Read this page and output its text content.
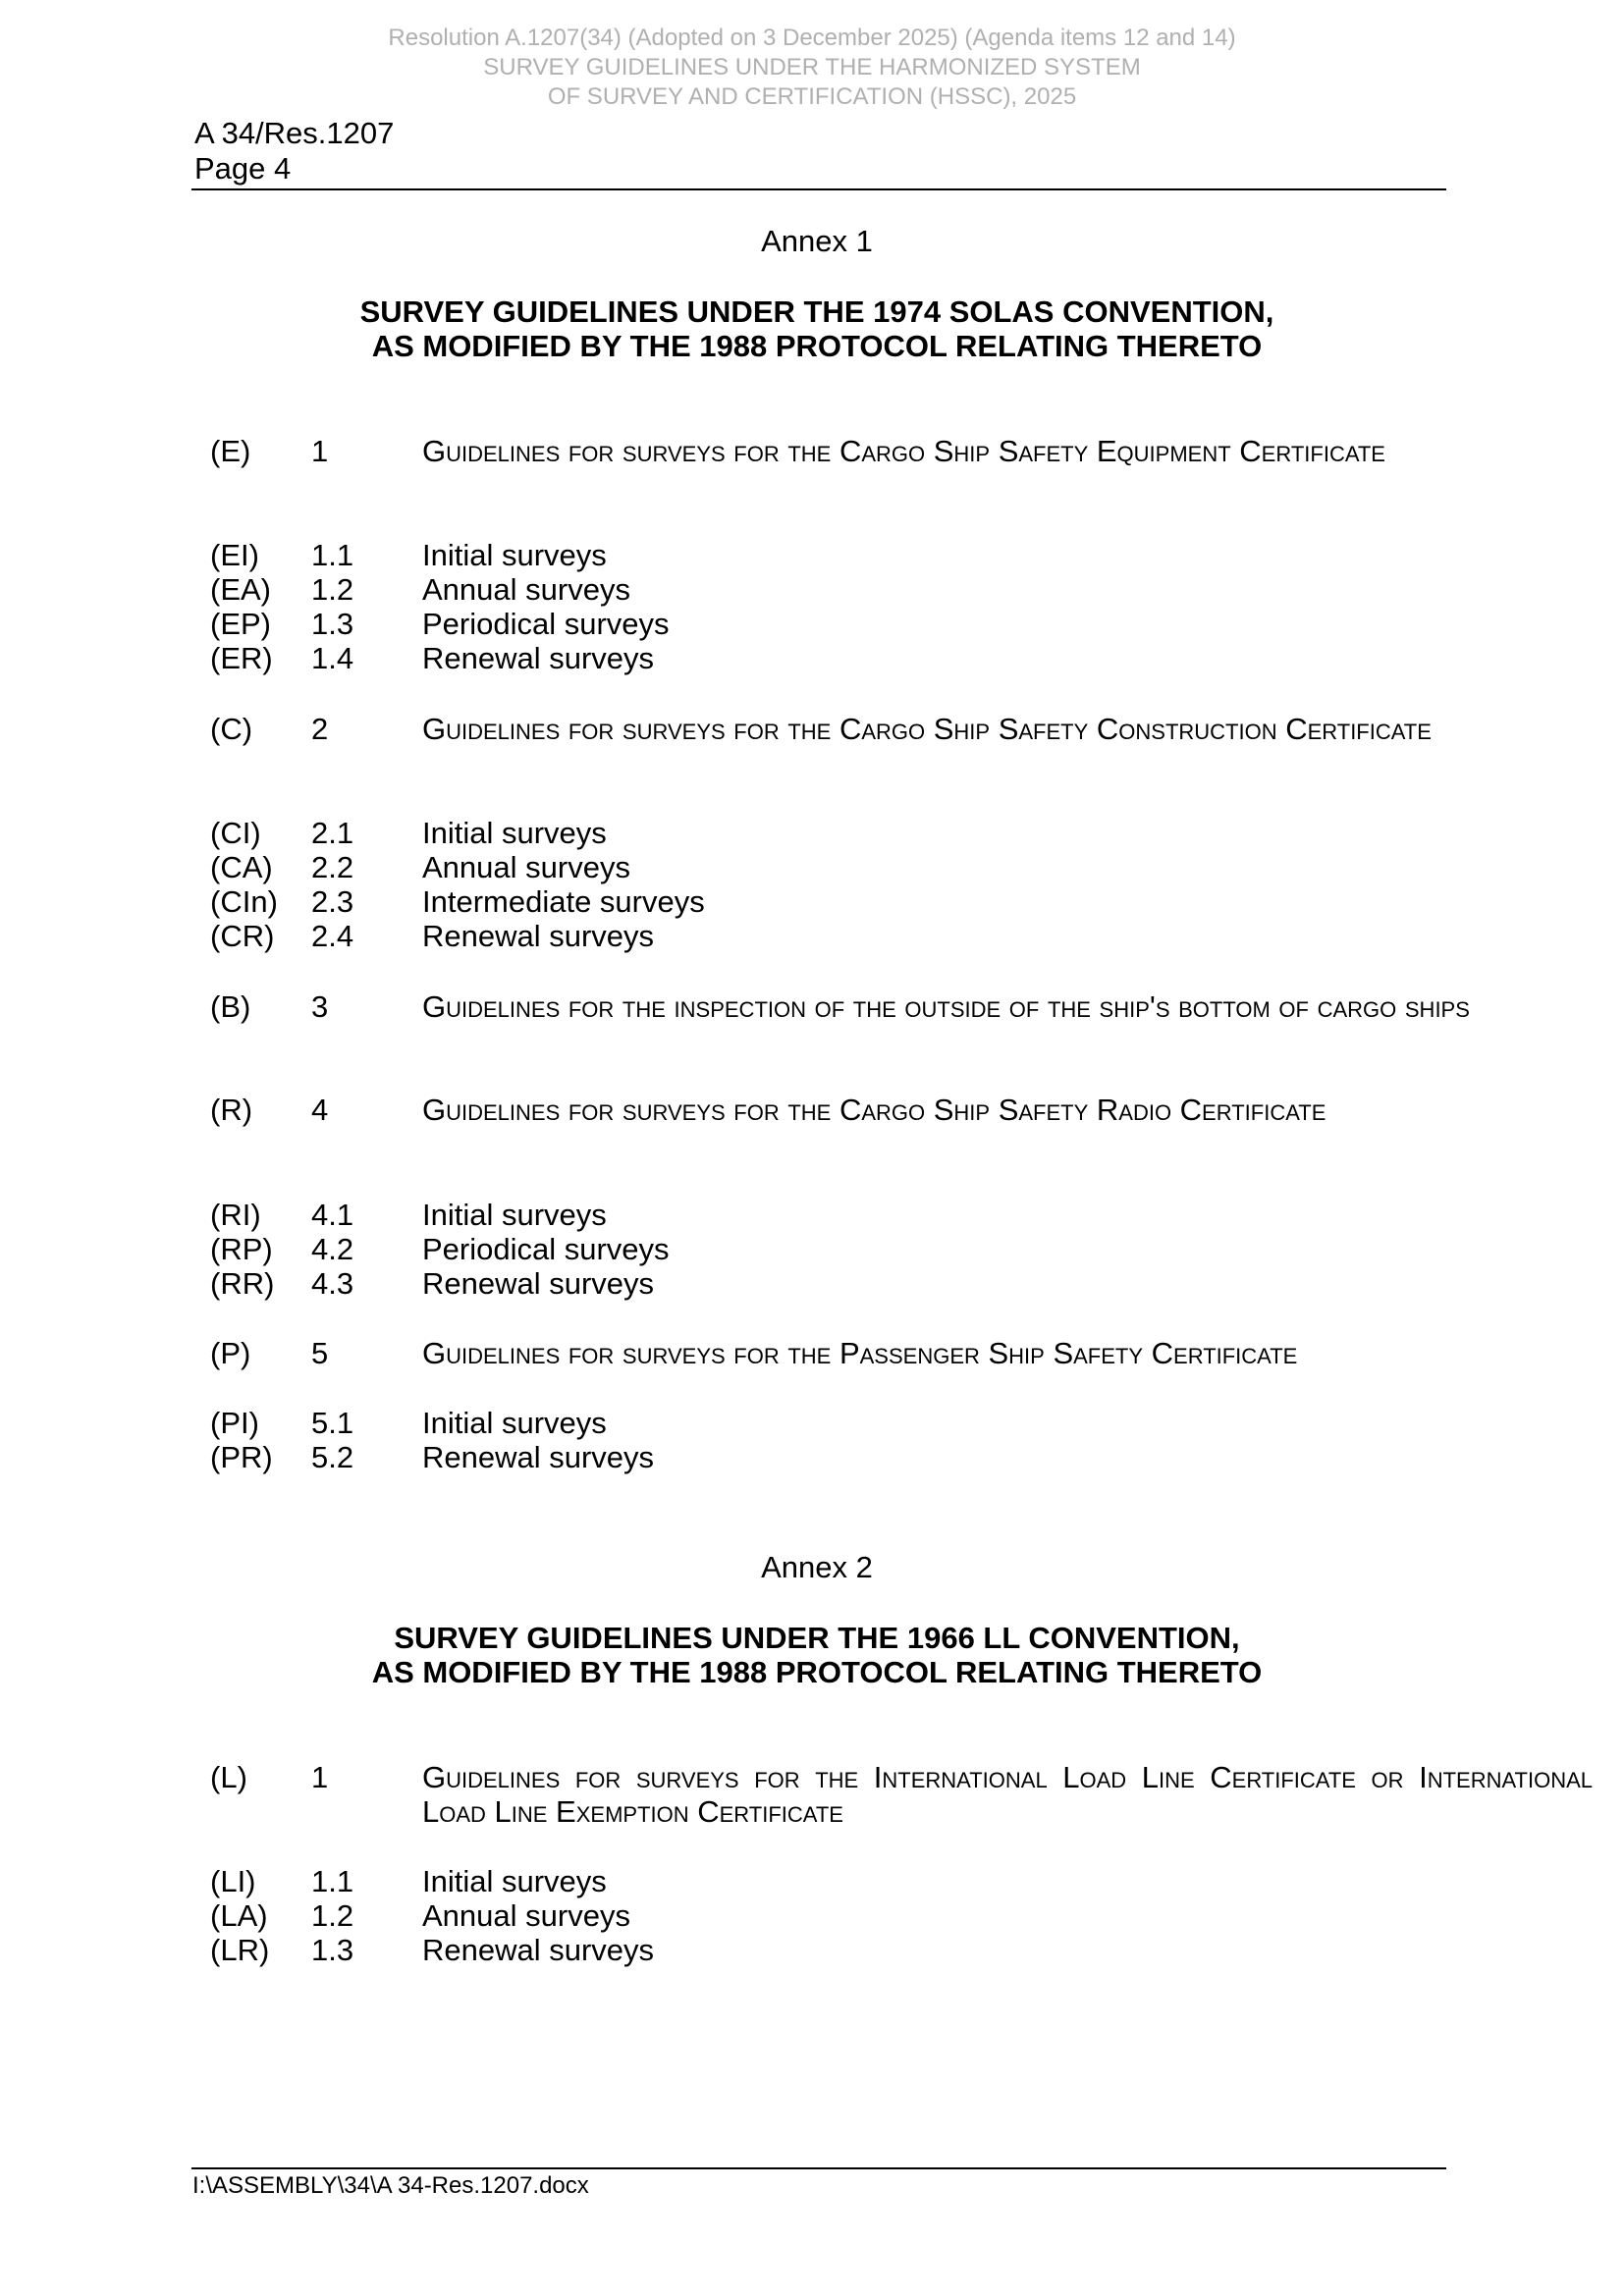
Resolution A.1207(34) (Adopted on 3 December 2025) (Agenda items 12 and 14)
SURVEY GUIDELINES UNDER THE HARMONIZED SYSTEM
OF SURVEY AND CERTIFICATION (HSSC), 2025
A 34/Res.1207
Page 4
Annex 1
SURVEY GUIDELINES UNDER THE 1974 SOLAS CONVENTION,
AS MODIFIED BY THE 1988 PROTOCOL RELATING THERETO
(E) 1	Guidelines for surveys for the Cargo Ship Safety Equipment Certificate
(EI) 1.1 Initial surveys
(EA) 1.2 Annual surveys
(EP) 1.3 Periodical surveys
(ER) 1.4 Renewal surveys
(C) 2	Guidelines for surveys for the Cargo Ship Safety Construction Certificate
(CI) 2.1 Initial surveys
(CA) 2.2 Annual surveys
(CIn) 2.3 Intermediate surveys
(CR) 2.4 Renewal surveys
(B) 3	Guidelines for the inspection of the outside of the ship's bottom of cargo ships
(R) 4	Guidelines for surveys for the Cargo Ship Safety Radio Certificate
(RI) 4.1 Initial surveys
(RP) 4.2 Periodical surveys
(RR) 4.3 Renewal surveys
(P) 5	Guidelines for surveys for the Passenger Ship Safety Certificate
(PI) 5.1 Initial surveys
(PR) 5.2 Renewal surveys
Annex 2
SURVEY GUIDELINES UNDER THE 1966 LL CONVENTION,
AS MODIFIED BY THE 1988 PROTOCOL RELATING THERETO
(L) 1	Guidelines for surveys for the International Load Line Certificate or International Load Line Exemption Certificate
(LI) 1.1 Initial surveys
(LA) 1.2 Annual surveys
(LR) 1.3 Renewal surveys
I:\ASSEMBLY\34\A 34-Res.1207.docx
